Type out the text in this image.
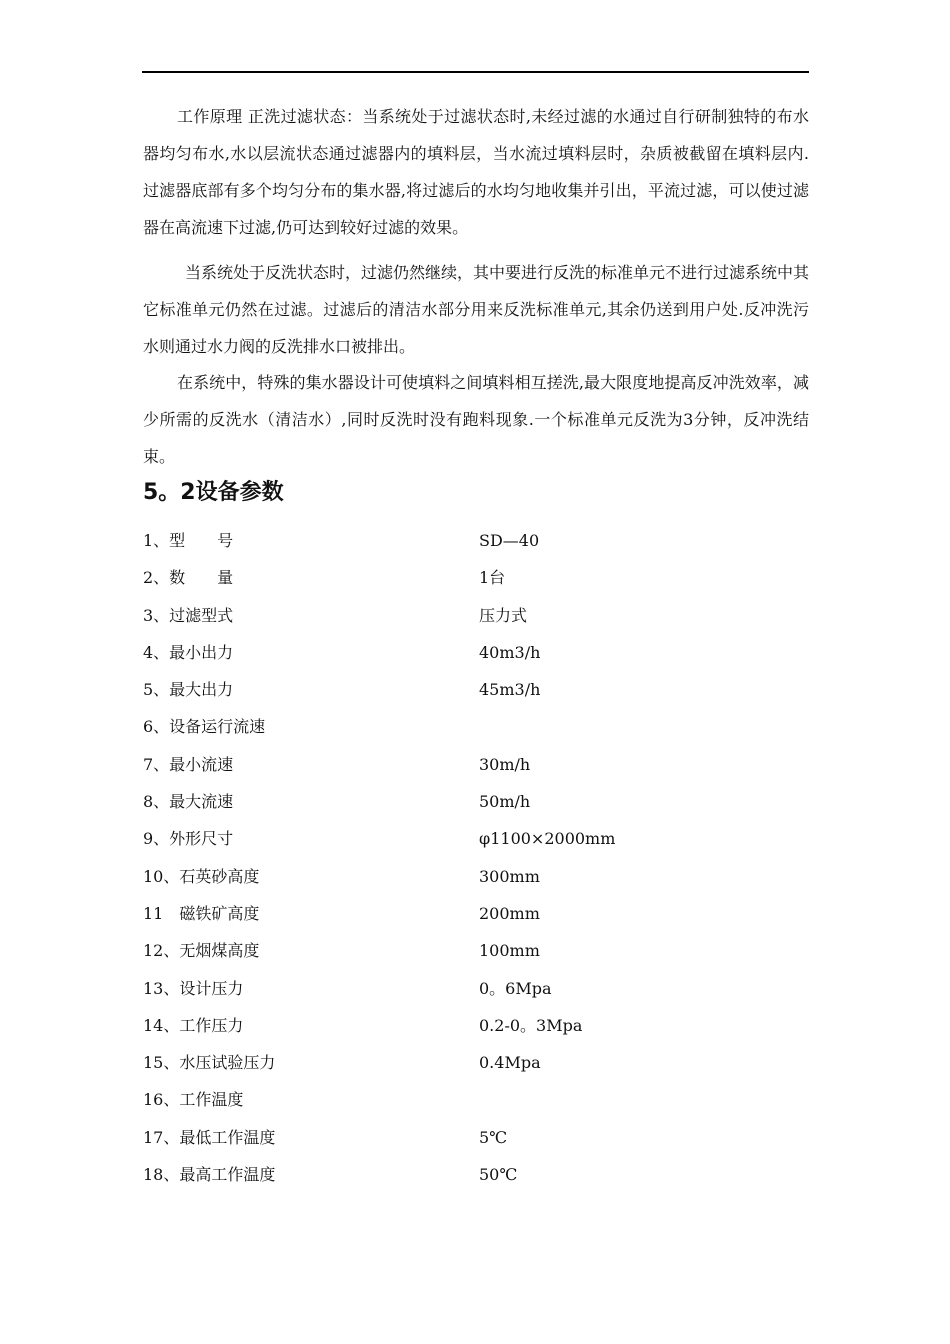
工作原理 正洗过滤状态：当系统处于过滤状态时,未经过滤的水通过自行研制独特的布水器均匀布水,水以层流状态通过滤器内的填料层，当水流过填料层时，杂质被截留在填料层内.过滤器底部有多个均匀分布的集水器,将过滤后的水均匀地收集并引出，平流过滤，可以使过滤器在高流速下过滤,仍可达到较好过滤的效果。

当系统处于反洗状态时，过滤仍然继续，其中要进行反洗的标准单元不进行过滤系统中其它标准单元仍然在过滤。过滤后的清洁水部分用来反洗标准单元,其余仍送到用户处.反冲洗污水则通过水力阀的反洗排水口被排出。

在系统中，特殊的集水器设计可使填料之间填料相互搓洗,最大限度地提高反冲洗效率，减少所需的反洗水（清洁水）,同时反洗时没有跑料现象.一个标准单元反洗为3分钟，反冲洗结束。

5。2设备参数
1、型　　号	SD—40
2、数　　量	1台
3、过滤型式	压力式
4、最小出力	40m3/h
5、最大出力	45m3/h
6、设备运行流速
7、最小流速	30m/h
8、最大流速	50m/h
9、外形尺寸	φ1100×2000mm
10、石英砂高度	300mm
11　磁铁矿高度	200mm
12、无烟煤高度	100mm
13、设计压力	0。6Mpa
14、工作压力	0.2-0。3Mpa
15、水压试验压力	0.4Mpa
16、工作温度
17、最低工作温度	5℃
18、最高工作温度	50℃
